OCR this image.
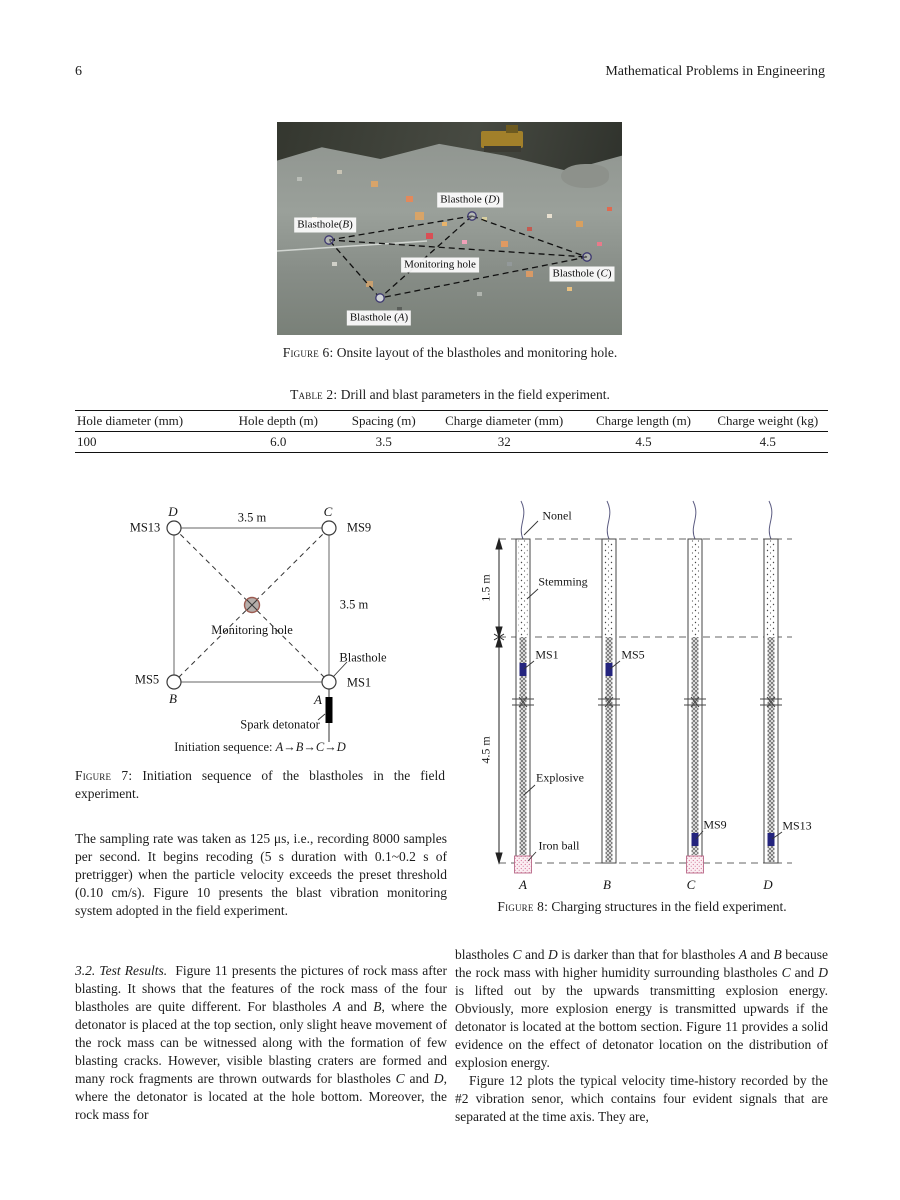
6	Mathematical Problems in Engineering
Blasthole (D)
Blasthole(B)
Monitoring hole
Blasthole (C)
Blasthole (A)
Figure 6: Onsite layout of the blastholes and monitoring hole.
Table 2: Drill and blast parameters in the field experiment.
Hole diameter (mm)	Hole depth (m)	Spacing (m)	Charge diameter (mm)	Charge length (m)	Charge weight (kg)
100	6.0	3.5	32	4.5	4.5
D	C
B	A
MS13	MS9
MS5	MS1
3.5 m
3.5 m
Monitoring hole
Blasthole
Spark detonator
Initiation sequence: A→B→C→D
Figure 7: Initiation sequence of the blastholes in the field experiment.

The sampling rate was taken as 125 μs, i.e., recording 8000 samples per second. It begins recoding (5 s duration with 0.1~0.2 s of pretrigger) when the particle velocity exceeds the preset threshold (0.10 cm/s). Figure 10 presents the blast vibration monitoring system adopted in the field experiment.

3.2. Test Results.  Figure 11 presents the pictures of rock mass after blasting. It shows that the features of the rock mass of the four blastholes are quite different. For blastholes A and B, where the detonator is placed at the top section, only slight heave movement of the rock mass can be witnessed along with the formation of few blasting cracks. However, visible blasting craters are formed and many rock fragments are thrown outwards for blastholes C and D, where the detonator is located at the hole bottom. Moreover, the rock mass for

Nonel
Stemming
MS1	MS5
MS9	MS13
Explosive
Iron ball
1.5 m
4.5 m
A	B	C	D
Figure 8: Charging structures in the field experiment.

blastholes C and D is darker than that for blastholes A and B because the rock mass with higher humidity surrounding blastholes C and D is lifted out by the upwards transmitting explosion energy. Obviously, more explosion energy is transmitted upwards if the detonator is located at the bottom section. Figure 11 provides a solid evidence on the effect of detonator location on the distribution of explosion energy.

Figure 12 plots the typical velocity time-history recorded by the #2 vibration senor, which contains four evident signals that are separated at the time axis. They are,
